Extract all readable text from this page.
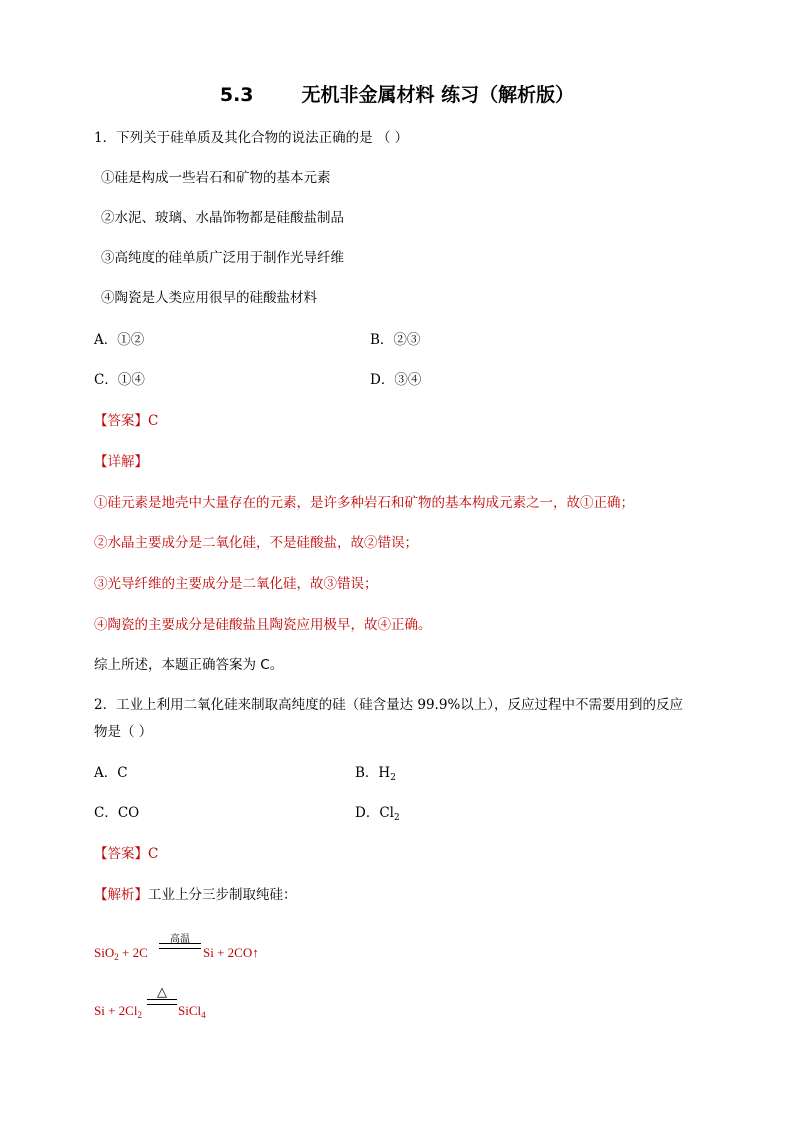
5.3	无机非金属材料 练习（解析版）
1．下列关于硅单质及其化合物的说法正确的是 （ ）
①硅是构成一些岩石和矿物的基本元素
②水泥、玻璃、水晶饰物都是硅酸盐制品
③高纯度的硅单质广泛用于制作光导纤维
④陶瓷是人类应用很早的硅酸盐材料
A．①②	B．②③
C．①④	D．③④
【答案】C
【详解】
①硅元素是地壳中大量存在的元素，是许多种岩石和矿物的基本构成元素之一，故①正确；
②水晶主要成分是二氧化硅，不是硅酸盐，故②错误；
③光导纤维的主要成分是二氧化硅，故③错误；
④陶瓷的主要成分是硅酸盐且陶瓷应用极早，故④正确。
综上所述，本题正确答案为 C。
2．工业上利用二氧化硅来制取高纯度的硅（硅含量达 99.9%以上），反应过程中不需要用到的反应
物是（ ）
A．C	B．$H_2$
C．CO	D．$Cl_2$
【答案】C
【解析】工业上分三步制取纯硅：
SiO$_2$ + 2C
高温
Si + 2CO↑
$Si + 2Cl_2$
△
SiCl$_4$
